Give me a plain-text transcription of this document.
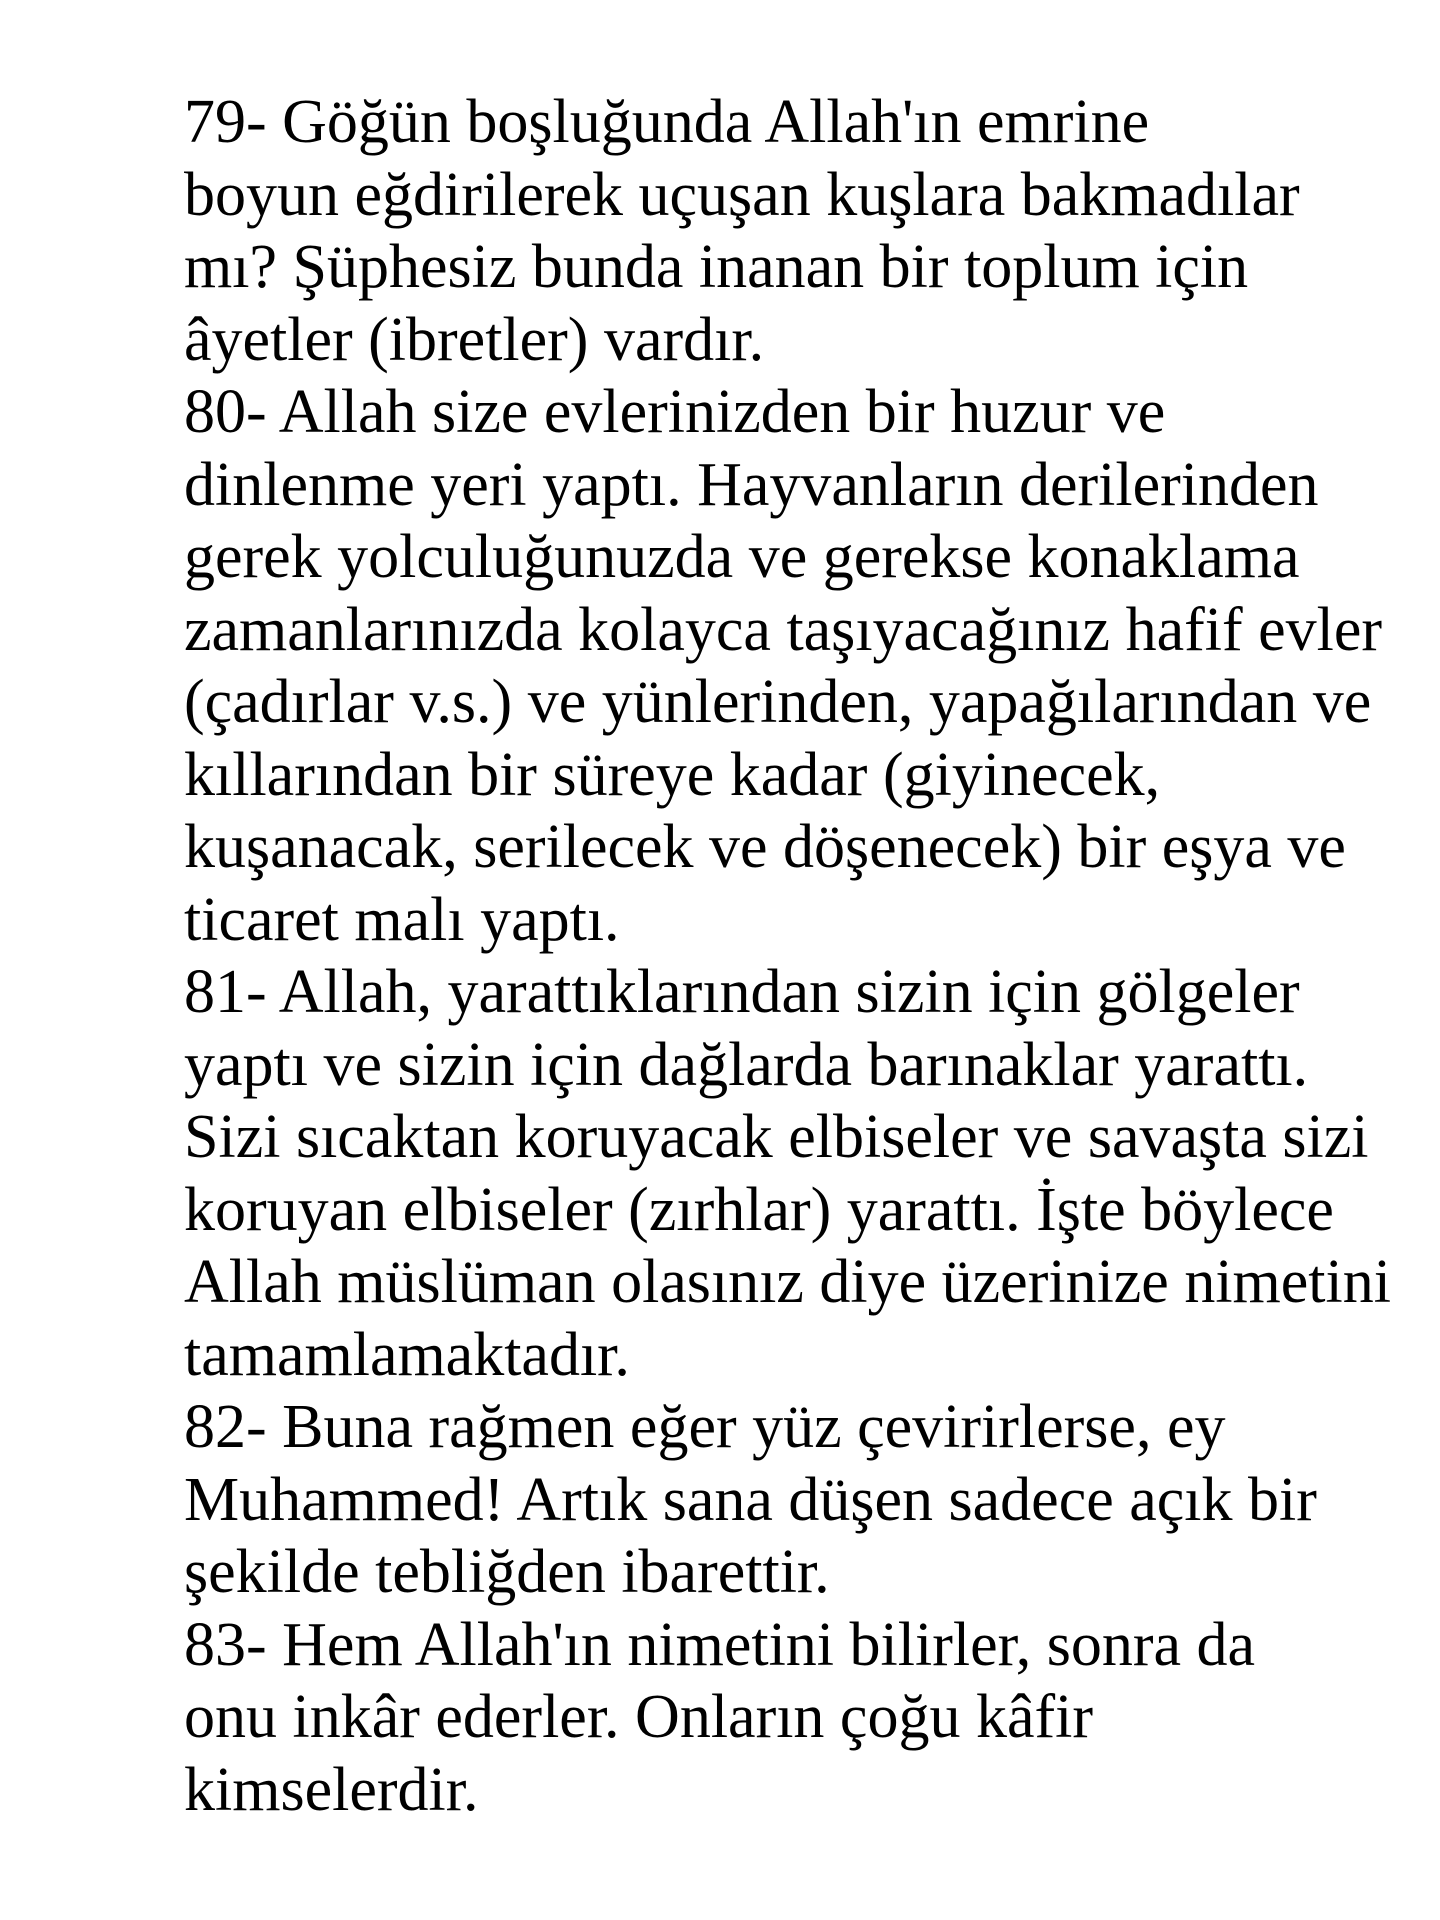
79- Göğün boşluğunda Allah'ın emrine
boyun eğdirilerek uçuşan kuşlara bakmadılar
mı? Şüphesiz bunda inanan bir toplum için
âyetler (ibretler) vardır.

80- Allah size evlerinizden bir huzur ve
dinlenme yeri yaptı. Hayvanların derilerinden
gerek yolculuğunuzda ve gerekse konaklama
zamanlarınızda kolayca taşıyacağınız hafif evler
(çadırlar v.s.) ve yünlerinden, yapağılarından ve
kıllarından bir süreye kadar (giyinecek,
kuşanacak, serilecek ve döşenecek) bir eşya ve
ticaret malı yaptı.

81- Allah, yarattıklarından sizin için gölgeler
yaptı ve sizin için dağlarda barınaklar yarattı.
Sizi sıcaktan koruyacak elbiseler ve savaşta sizi
koruyan elbiseler (zırhlar) yarattı. İşte böylece
Allah müslüman olasınız diye üzerinize nimetini
tamamlamaktadır.

82- Buna rağmen eğer yüz çevirirlerse, ey
Muhammed! Artık sana düşen sadece açık bir
şekilde tebliğden ibarettir.

83- Hem Allah'ın nimetini bilirler, sonra da
onu inkâr ederler. Onların çoğu kâfir
kimselerdir.
